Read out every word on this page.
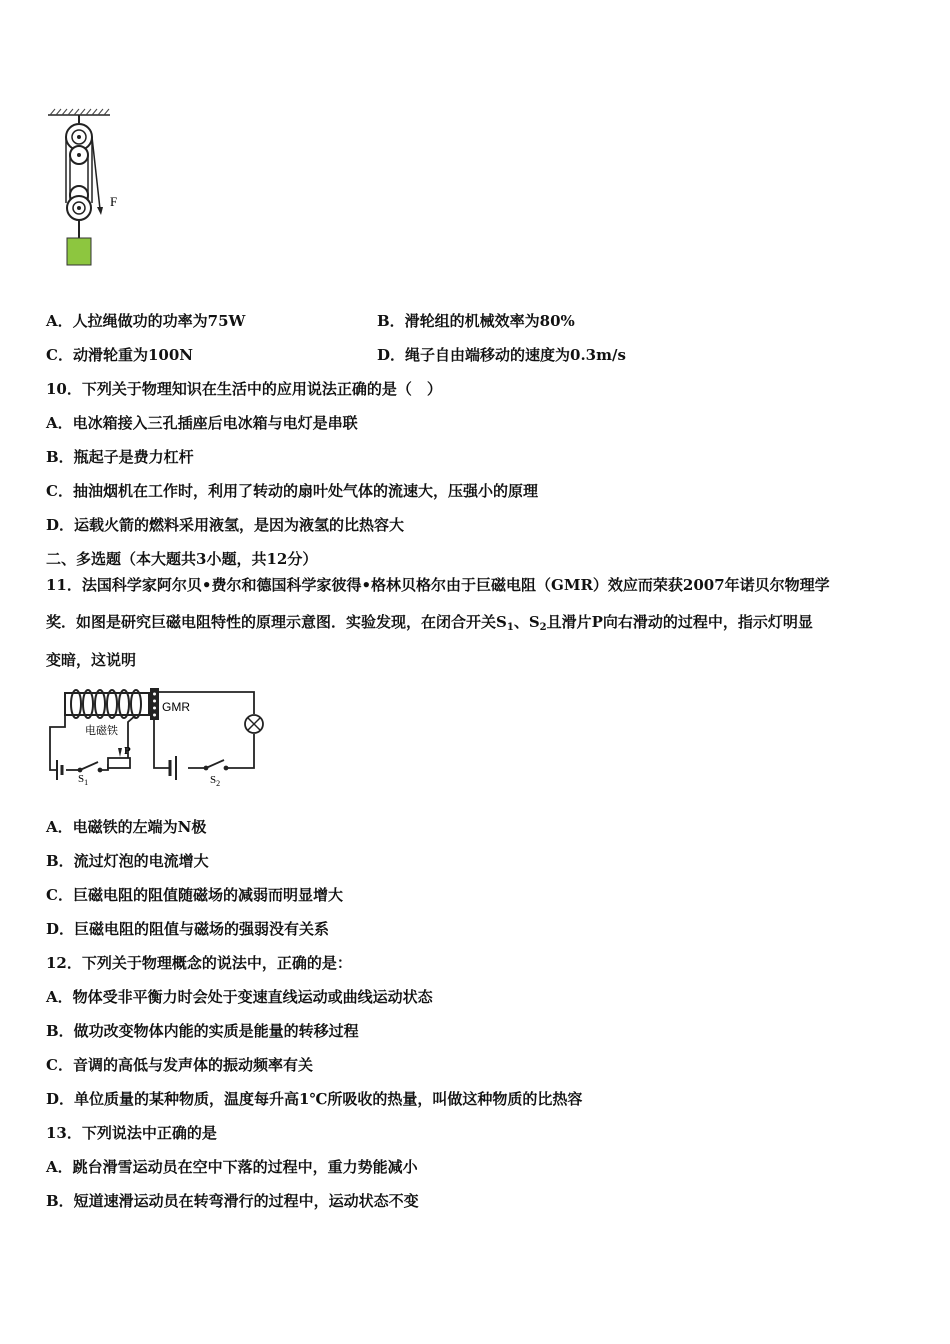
F
A．人拉绳做功的功率为75W	B．滑轮组的机械效率为80%
C．动滑轮重为100N	D．绳子自由端移动的速度为0.3m/s
10．下列关于物理知识在生活中的应用说法正确的是（　）
A．电冰箱接入三孔插座后电冰箱与电灯是串联
B．瓶起子是费力杠杆
C．抽油烟机在工作时，利用了转动的扇叶处气体的流速大，压强小的原理
D．运载火箭的燃料采用液氢，是因为液氢的比热容大
二、多选题（本大题共3小题，共12分）
11．法国科学家阿尔贝•费尔和德国科学家彼得•格林贝格尔由于巨磁电阻（GMR）效应而荣获2007年诺贝尔物理学
奖．如图是研究巨磁电阻特性的原理示意图．实验发现，在闭合开关$S_1$、$S_2$且滑片P向右滑动的过程中，指示灯明显
变暗，这说明
电磁铁
GMR
$S_1$
P
$S_2$
A．电磁铁的左端为N极
B．流过灯泡的电流增大
C．巨磁电阻的阻值随磁场的减弱而明显增大
D．巨磁电阻的阻值与磁场的强弱没有关系
12．下列关于物理概念的说法中，正确的是：
A．物体受非平衡力时会处于变速直线运动或曲线运动状态
B．做功改变物体内能的实质是能量的转移过程
C．音调的高低与发声体的振动频率有关
D．单位质量的某种物质，温度每升高1℃所吸收的热量，叫做这种物质的比热容
13．下列说法中正确的是
A．跳台滑雪运动员在空中下落的过程中，重力势能减小
B．短道速滑运动员在转弯滑行的过程中，运动状态不变
